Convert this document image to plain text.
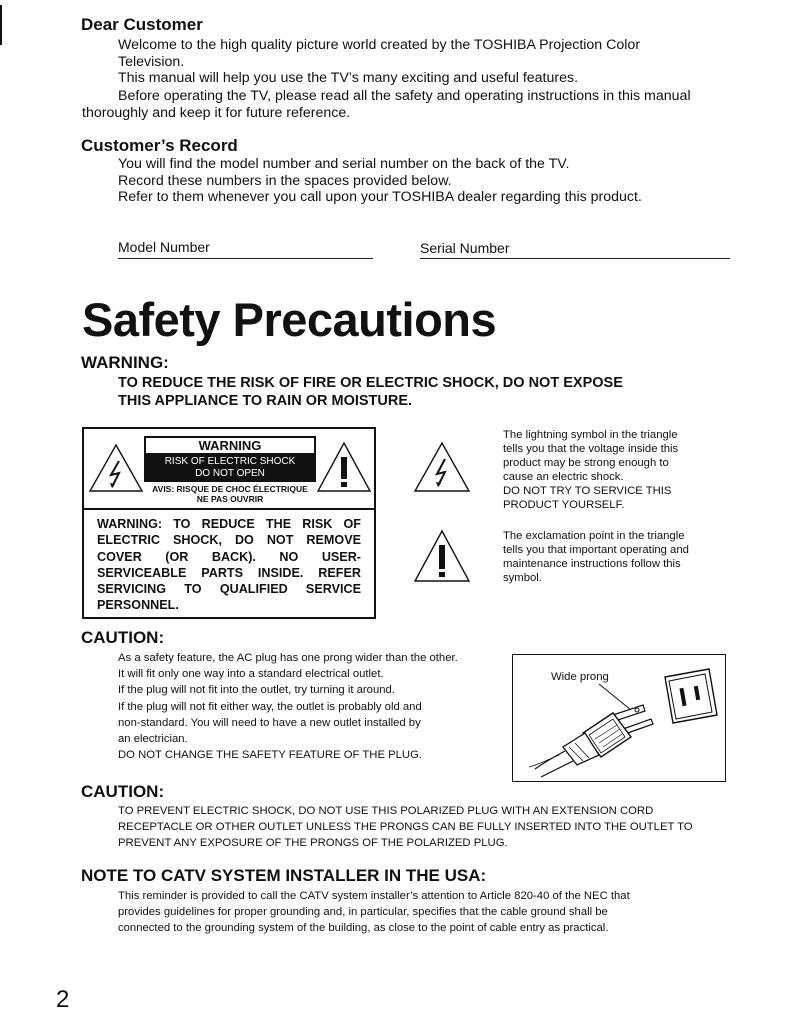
Dear Customer

Welcome to the high quality picture world created by the TOSHIBA Projection Color

Television.

This manual will help you use the TV’s many exciting and useful features.

Before operating the TV, please read all the safety and operating instructions in this manual

thoroughly and keep it for future reference.

Customer’s Record

You will find the model number and serial number on the back of the TV.

Record these numbers in the spaces provided below.

Refer to them whenever you call upon your TOSHIBA dealer regarding this product.

Model Number	Serial Number
Safety Precautions
WARNING:
TO REDUCE THE RISK OF FIRE OR ELECTRIC SHOCK, DO NOT EXPOSE
THIS APPLIANCE TO RAIN OR MOISTURE.
WARNING
RISK OF ELECTRIC SHOCK
DO NOT OPEN
AVIS: RISQUE DE CHOC ÉLECTRIQUE
NE PAS OUVRIR
WARNING: TO REDUCE THE RISK OF ELECTRIC SHOCK, DO NOT REMOVE COVER (OR BACK). NO USER-SERVICEABLE PARTS INSIDE. REFER SERVICING TO QUALIFIED SERVICE PERSONNEL.
The lightning symbol in the triangle
tells you that the voltage inside this
product may be strong enough to
cause an electric shock.
DO NOT TRY TO SERVICE THIS
PRODUCT YOURSELF.
The exclamation point in the triangle
tells you that important operating and
maintenance instructions follow this
symbol.
CAUTION:
As a safety feature, the AC plug has one prong wider than the other.
It will fit only one way into a standard electrical outlet.
If the plug will not fit into the outlet, try turning it around.
If the plug will not fit either way, the outlet is probably old and
non-standard. You will need to have a new outlet installed by
an electrician.
DO NOT CHANGE THE SAFETY FEATURE OF THE PLUG.
Wide prong
CAUTION:
TO PREVENT ELECTRIC SHOCK, DO NOT USE THIS POLARIZED PLUG WITH AN EXTENSION CORD
RECEPTACLE OR OTHER OUTLET UNLESS THE PRONGS CAN BE FULLY INSERTED INTO THE OUTLET TO
PREVENT ANY EXPOSURE OF THE PRONGS OF THE POLARIZED PLUG.
NOTE TO CATV SYSTEM INSTALLER IN THE USA:
This reminder is provided to call the CATV system installer’s attention to Article 820-40 of the NEC that
provides guidelines for proper grounding and, in particular, specifies that the cable ground shall be
connected to the grounding system of the building, as close to the point of cable entry as practical.
2
